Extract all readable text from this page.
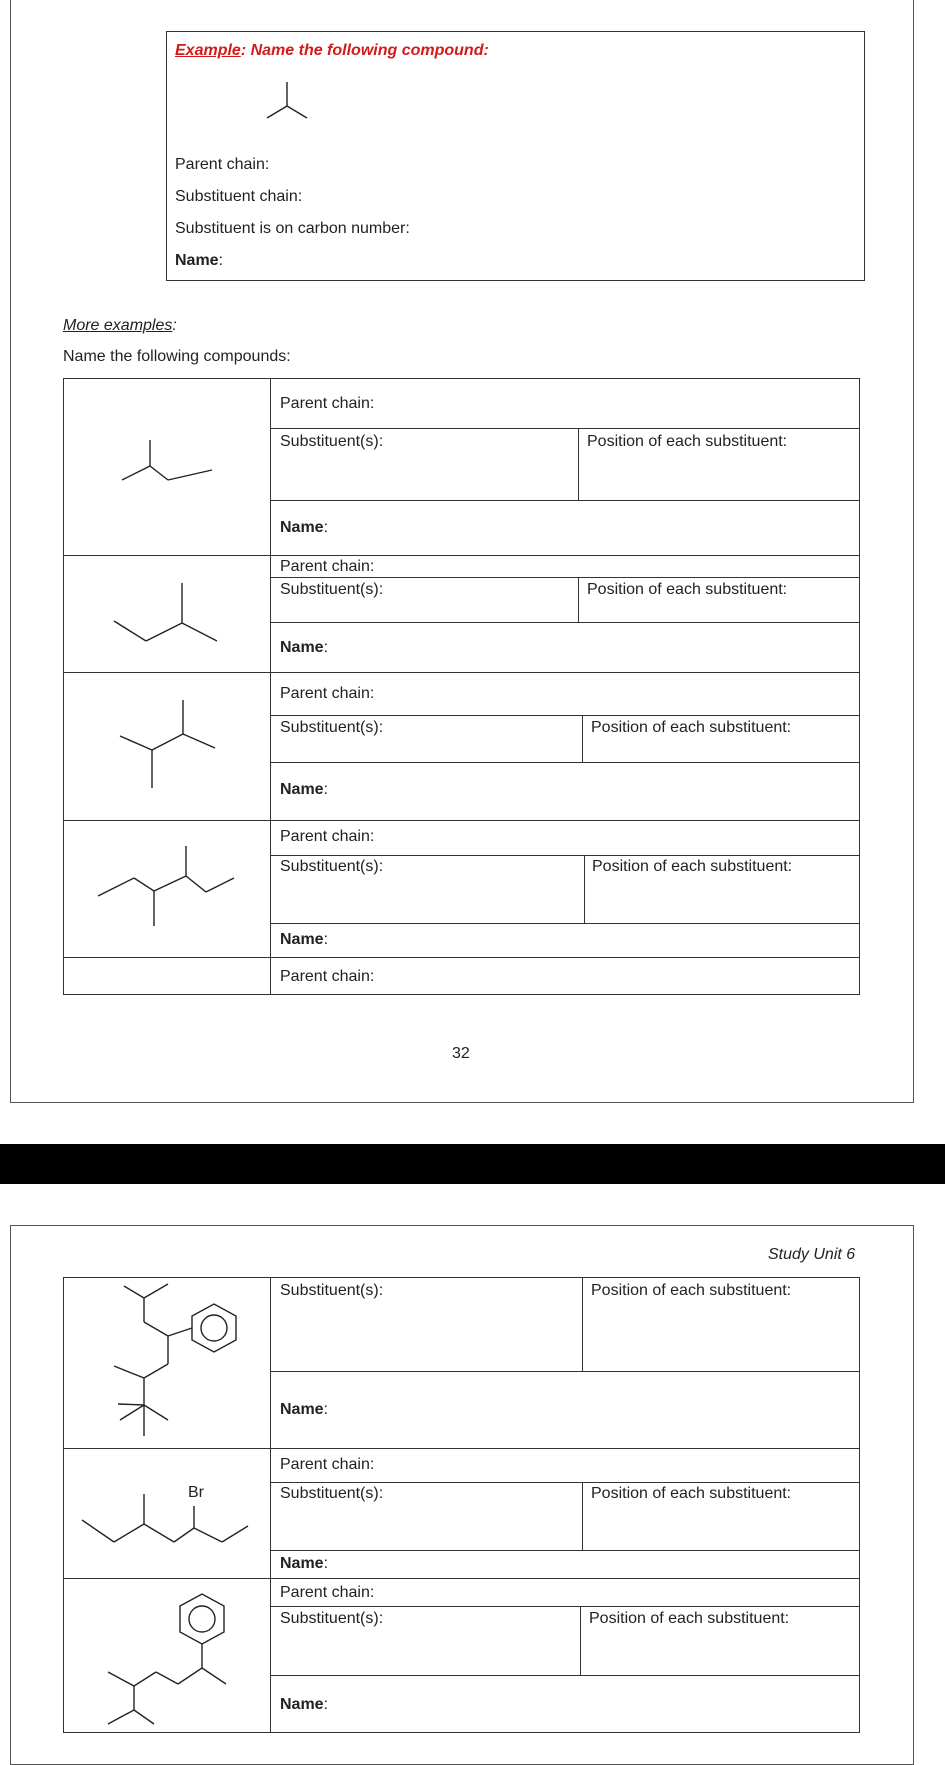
Example: Name the following compound:
Parent chain:
Substituent chain:
Substituent is on carbon number:
Name:
More examples:
Name the following compounds:
Parent chain:
Substituent(s):	Position of each substituent:
Name:
Parent chain:
Substituent(s):	Position of each substituent:
Name:
Parent chain:
Substituent(s):	Position of each substituent:
Name:
Parent chain:
Substituent(s):	Position of each substituent:
Name:
Parent chain:
32
Study Unit 6
Substituent(s):	Position of each substituent:
Name:
Parent chain:
Substituent(s):	Position of each substituent:
Name:
Br
Parent chain:
Substituent(s):	Position of each substituent:
Name:
